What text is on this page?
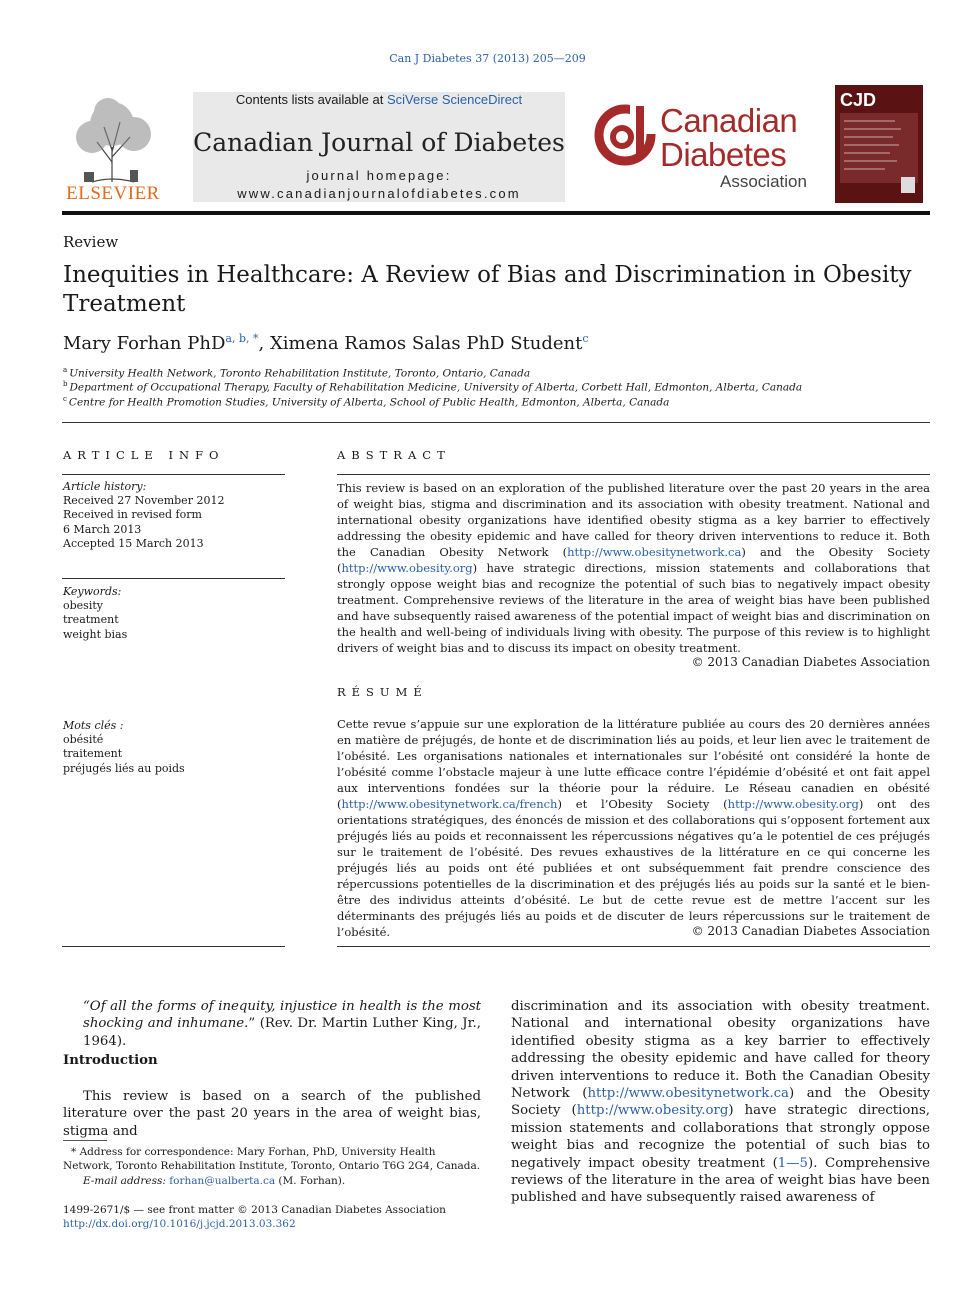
Can J Diabetes 37 (2013) 205—209
ELSEVIER
Contents lists available at SciVerse ScienceDirect
Canadian Journal of Diabetes
journal homepage:
www.canadianjournalofdiabetes.com
Canadian
Diabetes
Association
CJD
Review
Inequities in Healthcare: A Review of Bias and Discrimination in Obesity Treatment
Mary Forhan PhD$^{a, b, *}$, Ximena Ramos Salas PhD Student$^c$
$^a$ University Health Network, Toronto Rehabilitation Institute, Toronto, Ontario, Canada
$^b$ Department of Occupational Therapy, Faculty of Rehabilitation Medicine, University of Alberta, Corbett Hall, Edmonton, Alberta, Canada
$^c$ Centre for Health Promotion Studies, University of Alberta, School of Public Health, Edmonton, Alberta, Canada
ARTICLE INFO
Article history:
Received 27 November 2012
Received in revised form
6 March 2013
Accepted 15 March 2013
Keywords:
obesity
treatment
weight bias
Mots clés :
obésité
traitement
préjugés liés au poids
ABSTRACT
This review is based on an exploration of the published literature over the past 20 years in the area of weight bias, stigma and discrimination and its association with obesity treatment. National and international obesity organizations have identified obesity stigma as a key barrier to effectively addressing the obesity epidemic and have called for theory driven interventions to reduce it. Both the Canadian Obesity Network (http://www.obesitynetwork.ca) and the Obesity Society (http://www.obesity.org) have strategic directions, mission statements and collaborations that strongly oppose weight bias and recognize the potential of such bias to negatively impact obesity treatment. Comprehensive reviews of the literature in the area of weight bias have been published and have subsequently raised awareness of the potential impact of weight bias and discrimination on the health and well-being of individuals living with obesity. The purpose of this review is to highlight drivers of weight bias and to discuss its impact on obesity treatment.
© 2013 Canadian Diabetes Association
RÉSUMÉ
Cette revue s’appuie sur une exploration de la littérature publiée au cours des 20 dernières années en matière de préjugés, de honte et de discrimination liés au poids, et leur lien avec le traitement de l’obésité. Les organisations nationales et internationales sur l’obésité ont considéré la honte de l’obésité comme l’obstacle majeur à une lutte efficace contre l’épidémie d’obésité et ont fait appel aux interventions fondées sur la théorie pour la réduire. Le Réseau canadien en obésité (http://www.obesitynetwork.ca/french) et l’Obesity Society (http://www.obesity.org) ont des orientations stratégiques, des énoncés de mission et des collaborations qui s’opposent fortement aux préjugés liés au poids et reconnaissent les répercussions négatives qu’a le potentiel de ces préjugés sur le traitement de l’obésité. Des revues exhaustives de la littérature en ce qui concerne les préjugés liés au poids ont été publiées et ont subséquemment fait prendre conscience des répercussions potentielles de la discrimination et des préjugés liés au poids sur la santé et le bien-être des individus atteints d’obésité. Le but de cette revue est de mettre l’accent sur les déterminants des préjugés liés au poids et de discuter de leurs répercussions sur le traitement de l’obésité.	© 2013 Canadian Diabetes Association
“Of all the forms of inequity, injustice in health is the most shocking and inhumane.” (Rev. Dr. Martin Luther King, Jr., 1964).
Introduction
This review is based on a search of the published literature over the past 20 years in the area of weight bias, stigma and
discrimination and its association with obesity treatment. National and international obesity organizations have identified obesity stigma as a key barrier to effectively addressing the obesity epidemic and have called for theory driven interventions to reduce it. Both the Canadian Obesity Network (http://www.obesitynetwork.ca) and the Obesity Society (http://www.obesity.org) have strategic directions, mission statements and collaborations that strongly oppose weight bias and recognize the potential of such bias to negatively impact obesity treatment (1—5). Comprehensive reviews of the literature in the area of weight bias have been published and have subsequently raised awareness of
* Address for correspondence: Mary Forhan, PhD, University Health Network, Toronto Rehabilitation Institute, Toronto, Ontario T6G 2G4, Canada.
E-mail address: forhan@ualberta.ca (M. Forhan).
1499-2671/$ — see front matter © 2013 Canadian Diabetes Association
http://dx.doi.org/10.1016/j.jcjd.2013.03.362
